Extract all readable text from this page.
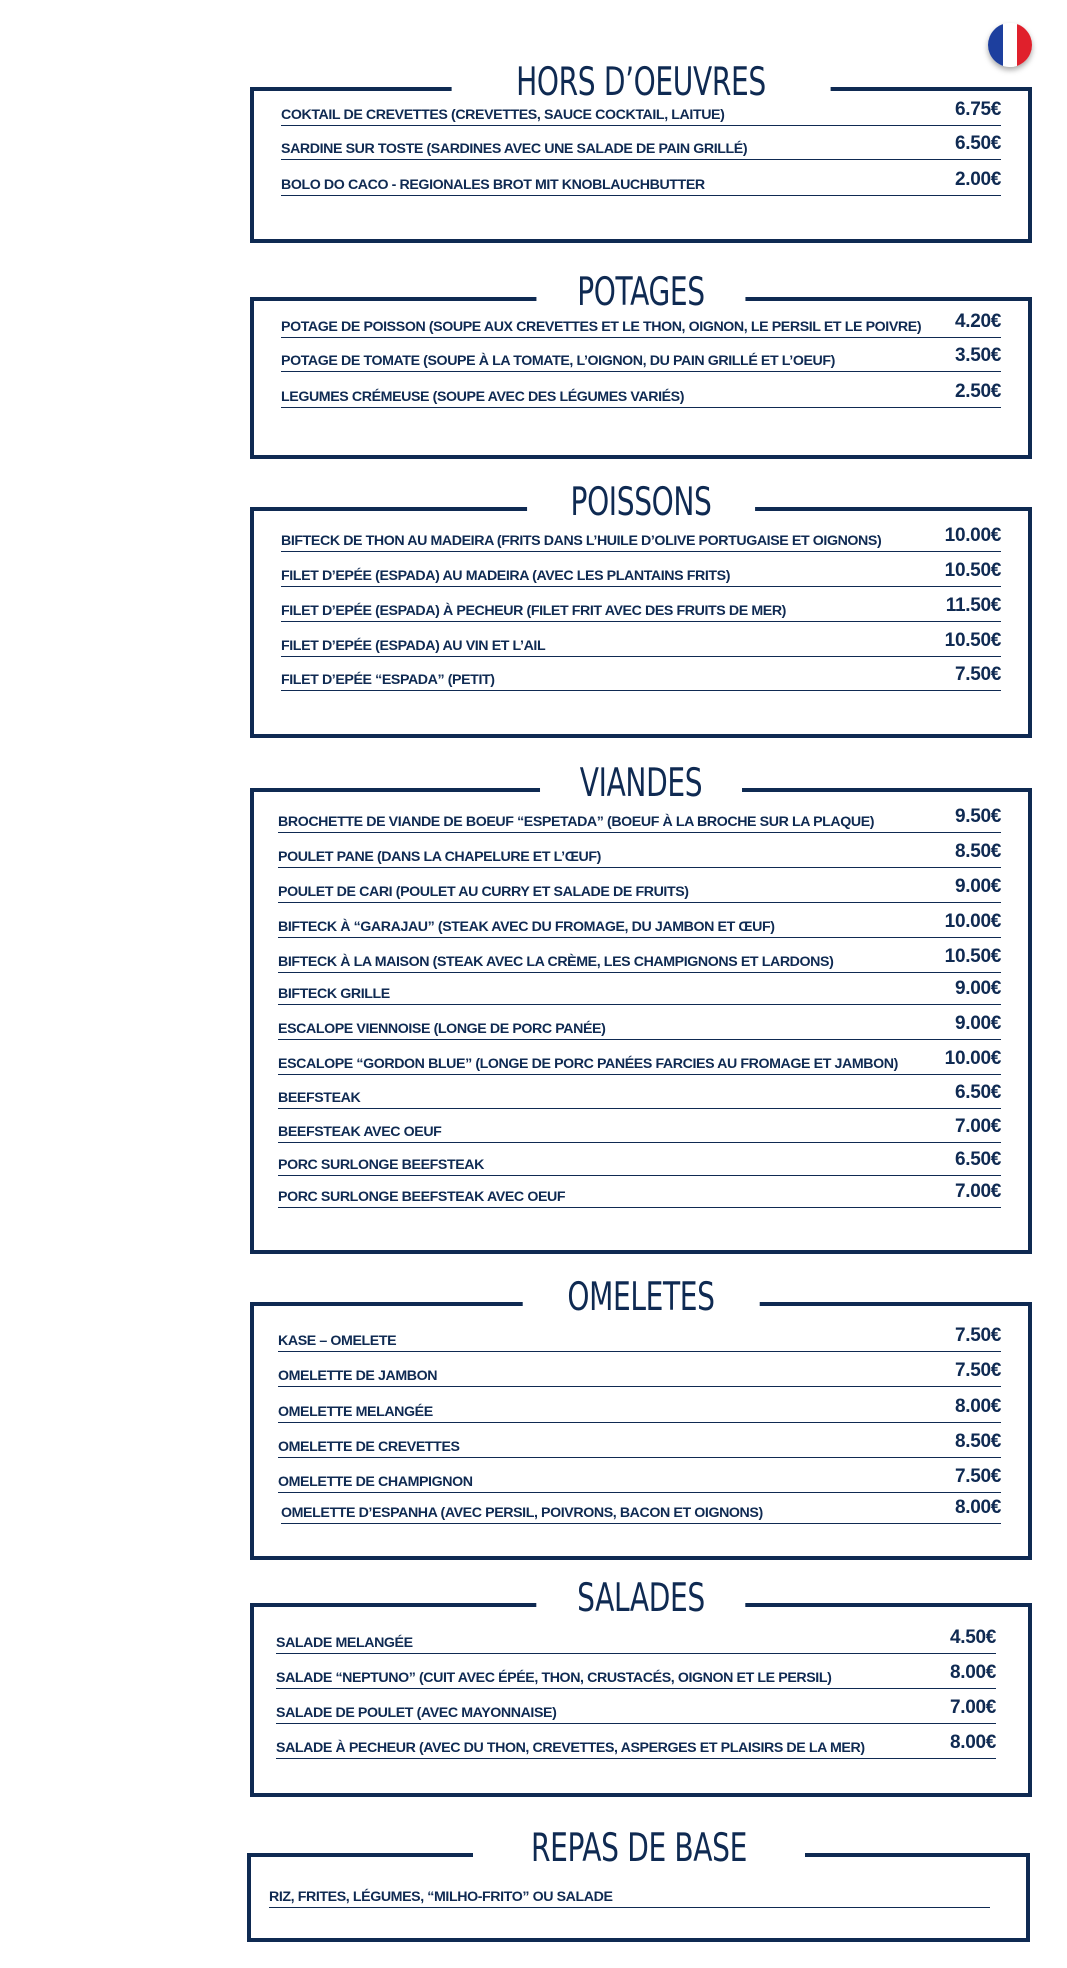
HORS D’OEUVRES
COKTAIL DE CREVETTES (CREVETTES, SAUCE COCKTAIL, LAITUE)	6.75€
SARDINE SUR TOSTE (SARDINES AVEC UNE SALADE DE PAIN GRILLÉ)	6.50€
BOLO DO CACO - REGIONALES BROT MIT KNOBLAUCHBUTTER	2.00€
POTAGES
POTAGE DE POISSON (SOUPE AUX CREVETTES ET LE THON, OIGNON, LE PERSIL ET LE POIVRE) 4.20€
POTAGE DE TOMATE (SOUPE À LA TOMATE, L’OIGNON, DU PAIN GRILLÉ ET L’OEUF)	3.50€
LEGUMES CRÉMEUSE (SOUPE AVEC DES LÉGUMES VARIÉS)	2.50€
POISSONS
BIFTECK DE THON AU MADEIRA (FRITS DANS L’HUILE D’OLIVE PORTUGAISE ET OIGNONS)	10.00€
FILET D’EPÉE (ESPADA) AU MADEIRA (AVEC LES PLANTAINS FRITS)	10.50€
FILET D’EPÉE (ESPADA) À PECHEUR (FILET FRIT AVEC DES FRUITS DE MER)	11.50€
FILET D’EPÉE (ESPADA) AU VIN ET L’AIL	10.50€
FILET D’EPÉE “ESPADA” (PETIT)	7.50€
VIANDES
BROCHETTE DE VIANDE DE BOEUF “ESPETADA” (BOEUF À LA BROCHE SUR LA PLAQUE)	9.50€
POULET PANE (DANS LA CHAPELURE ET L’ŒUF)	8.50€
POULET DE CARI (POULET AU CURRY ET SALADE DE FRUITS)	9.00€
BIFTECK À “GARAJAU” (STEAK AVEC DU FROMAGE, DU JAMBON ET ŒUF)	10.00€
BIFTECK À LA MAISON (STEAK AVEC LA CRÈME, LES CHAMPIGNONS ET LARDONS)	10.50€
BIFTECK GRILLE	9.00€
ESCALOPE VIENNOISE (LONGE DE PORC PANÉE)	9.00€
ESCALOPE “GORDON BLUE” (LONGE DE PORC PANÉES FARCIES AU FROMAGE ET JAMBON) 10.00€
BEEFSTEAK	6.50€
BEEFSTEAK AVEC OEUF	7.00€
PORC SURLONGE BEEFSTEAK	6.50€
PORC SURLONGE BEEFSTEAK AVEC OEUF	7.00€
OMELETES
KASE – OMELETE	7.50€
OMELETTE DE JAMBON	7.50€
OMELETTE MELANGÉE	8.00€
OMELETTE DE CREVETTES	8.50€
OMELETTE DE CHAMPIGNON	7.50€
OMELETTE D’ESPANHA (AVEC PERSIL, POIVRONS, BACON ET OIGNONS)	8.00€
SALADES
SALADE MELANGÉE	4.50€
SALADE “NEPTUNO” (CUIT AVEC ÉPÉE, THON, CRUSTACÉS, OIGNON ET LE PERSIL)	8.00€
SALADE DE POULET (AVEC MAYONNAISE)	7.00€
SALADE À PECHEUR (AVEC DU THON, CREVETTES, ASPERGES ET PLAISIRS DE LA MER)	8.00€
REPAS DE BASE
RIZ, FRITES, LÉGUMES, “MILHO-FRITO” OU SALADE
